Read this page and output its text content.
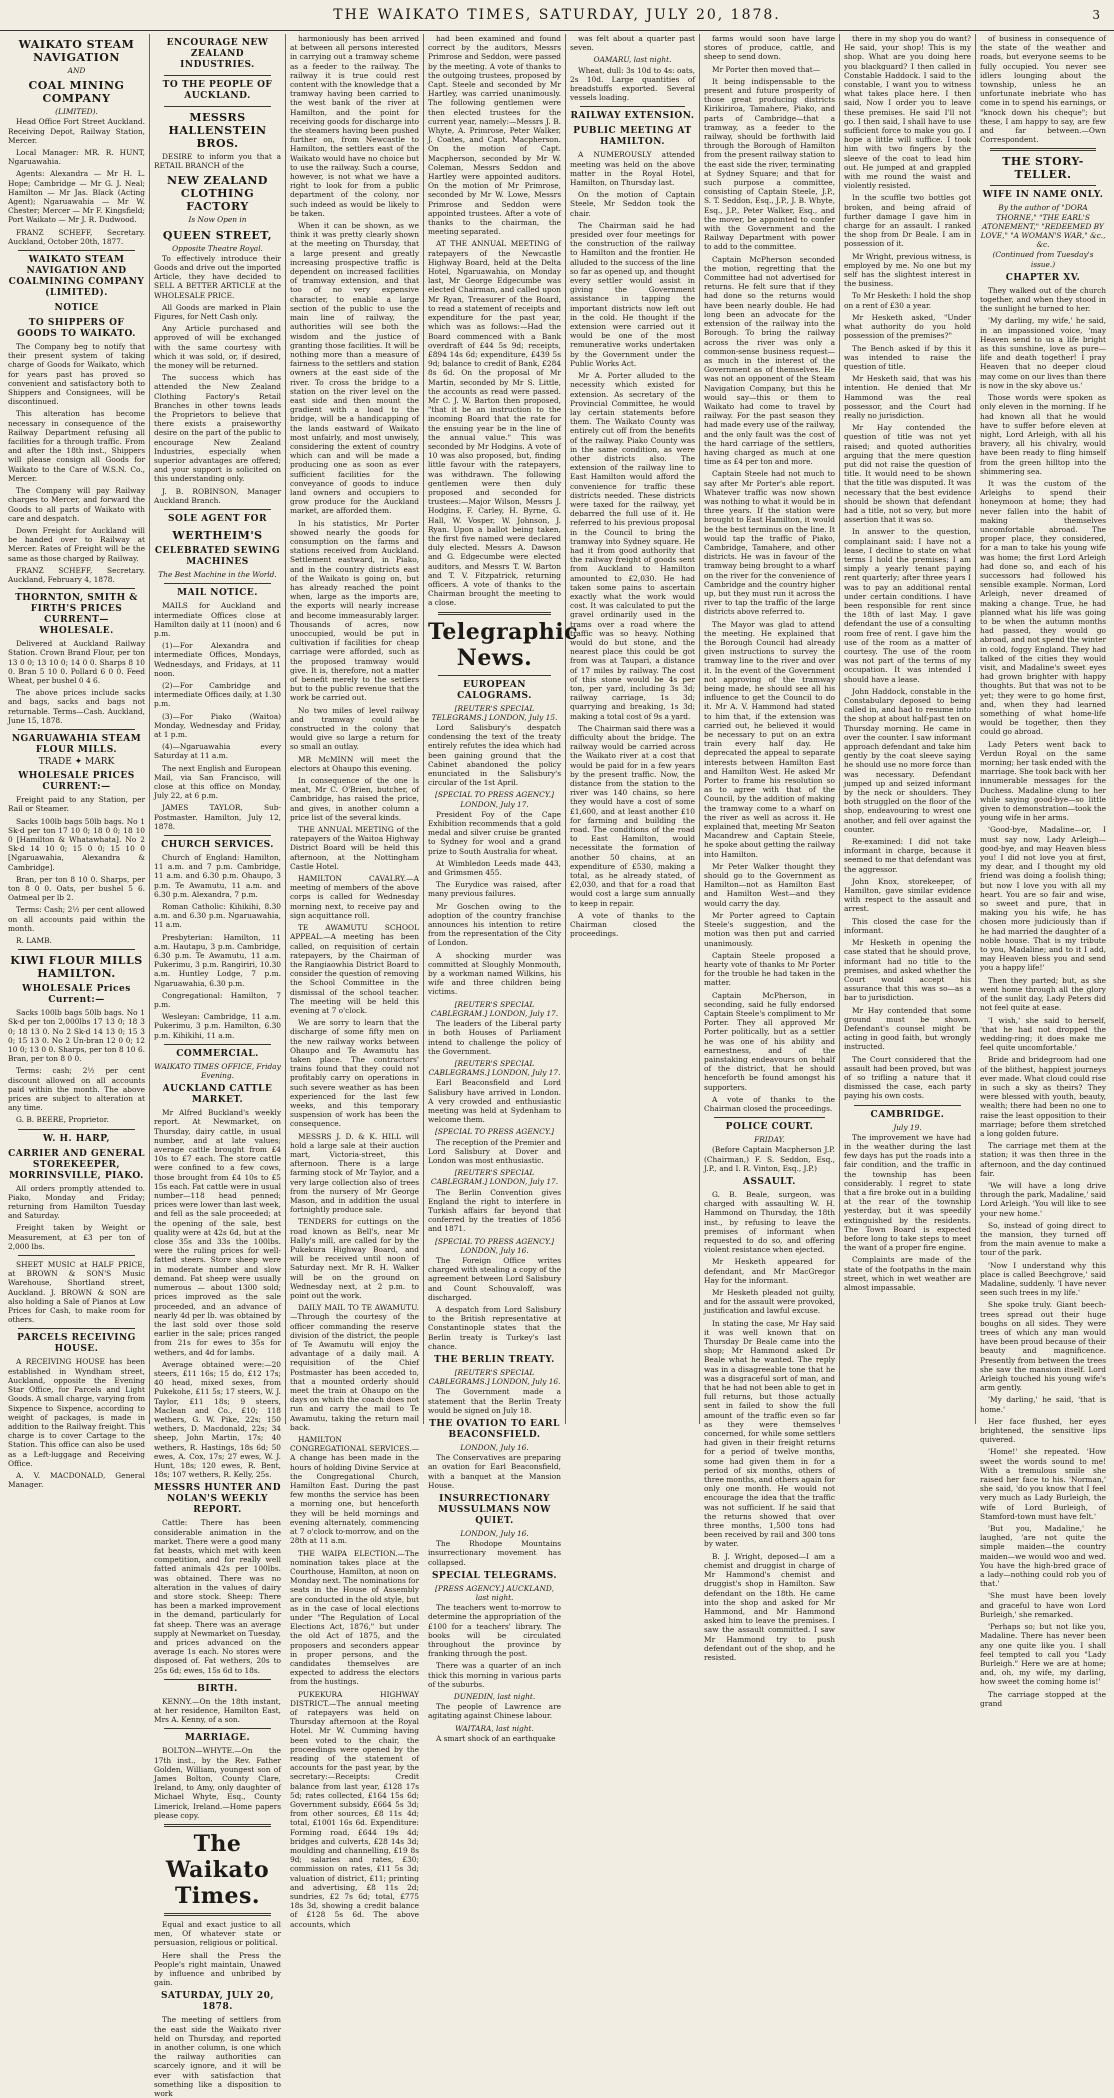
THE WAIKATO TIMES, SATURDAY, JULY 20, 1878.	3
WAIKATO STEAM NAVIGATION
AND
COAL MINING COMPANY
(LIMITED).

Head Office Fort Street Auckland. Receiving Depot, Railway Station, Mercer.

Local Manager: MR. R. HUNT, Ngaruawahia.

Agents: Alexandra — Mr H. L. Hope; Cambridge — Mr G. J. Neal; Hamilton — Mr Jas. Black (Acting Agent); Ngaruawahia — Mr W. Chester; Mercer — Mr F. Kingsfield; Port Waikato — Mr J. R. Dudwood.

FRANZ SCHEFF, Secretary. Auckland, October 20th, 1877.

WAIKATO STEAM NAVIGATION AND COALMINING COMPANY (LIMITED).
NOTICE
TO SHIPPERS OF GOODS TO WAIKATO.

The Company beg to notify that their present system of taking charge of Goods for Waikato, which for years past has proved so convenient and satisfactory both to Shippers and Consignees, will be discontinued.

This alteration has become necessary in consequence of the Railway Department refusing all facilities for a through traffic. From and after the 18th inst., Shippers will please consign all Goods for Waikato to the Care of W.S.N. Co., Mercer.

The Company will pay Railway charges to Mercer, and forward the Goods to all parts of Waikato with care and despatch.

Down Freight for Auckland will be handed over to Railway at Mercer. Rates of Freight will be the same as those charged by Railway.

FRANZ SCHEFF, Secretary. Auckland, February 4, 1878.

THORNTON, SMITH & FIRTH'S PRICES CURRENT—WHOLESALE.

Delivered at Auckland Railway Station. Crown Brand Flour, per ton 13 0 0; 13 10 0; 14 0 0. Sharps 8 10 0. Bran 5 10 0. Pollard 6 0 0. Feed Wheat, per bushel 0 4 6.

The above prices include sacks and bags, sacks and bags not returnable. Terms—Cash. Auckland, June 15, 1878.

NGARUAWAHIA STEAM FLOUR MILLS.
TRADE ✦ MARK
WHOLESALE PRICES CURRENT:—

Freight paid to any Station, per Rail or Steamer.

Sacks 100lb bags 50lb bags. No 1 Sk-d per ton 17 10 0; 18 0 0; 18 10 0 [Hamilton & Whatawhata]. No 2 Sk-d 14 10 0; 15 0 0; 15 10 0 [Ngaruawahia, Alexandra & Cambridge].

Bran, per ton 8 10 0. Sharps, per ton 8 0 0. Oats, per bushel 5 6. Oatmeal per lb 2.

Terms: Cash; 2½ per cent allowed on all accounts paid within the month.

R. LAMB.

KIWI FLOUR MILLS HAMILTON.
WHOLESALE Prices Current:—

Sacks 100lb bags 50lb bags. No 1 Sk-d per ton 2,000lbs 17 13 0; 18 3 0; 18 13 0. No 2 Sk-d 14 13 0; 15 3 0; 15 13 0. No 2 Un-bran 12 0 0; 12 10 0; 13 0 0. Sharps, per ton 8 10 6. Bran, per ton 8 0 0.

Terms: cash; 2½ per cent discount allowed on all accounts paid within the month. The above prices are subject to alteration at any time.

G. B. BEERE, Proprietor.

W. H. HARP,
CARRIER AND GENERAL STOREKEEPER, MORRINSVILLE, PIAKO.

All orders promptly attended to. Piako, Monday and Friday; returning from Hamilton Tuesday and Saturday.

Freight taken by Weight or Measurement, at £3 per ton of 2,000 lbs.

SHEET MUSIC at HALF PRICE, at BROWN & SON'S Music Warehouse, Shortland street, Auckland. J. BROWN & SON are also holding a Sale of Pianos at Low Prices for Cash, to make room for others.

PARCELS RECEIVING HOUSE.

A RECEIVING HOUSE has been established in Wyndham street, Auckland, opposite the Evening Star Office, for Parcels and Light Goods. A small charge, varying from Sixpence to Sixpence, according to weight of packages, is made in addition to the Railway freight. This charge is to cover Cartage to the Station. This office can also be used as a Left-luggage and Receiving Office.

A. V. MACDONALD, General Manager.

ENCOURAGE NEW ZEALAND INDUSTRIES.
TO THE PEOPLE OF AUCKLAND.
MESSRS HALLENSTEIN BROS.

DESIRE to inform you that a RETAIL BRANCH of the

NEW ZEALAND CLOTHING FACTORY
Is Now Open in
QUEEN STREET,
Opposite Theatre Royal.

To effectively introduce their Goods and drive out the imported Article, they have decided to SELL A BETTER ARTICLE at the WHOLESALE PRICE.

All Goods are marked in Plain Figures, for Nett Cash only.

Any Article purchased and approved of will be exchanged with the same courtesy with which it was sold, or, if desired, the money will be returned.

The success which has attended the New Zealand Clothing Factory's Retail Branches in other towns leads the Proprietors to believe that there exists a praiseworthy desire on the part of the public to encourage New Zealand Industries, especially when superior advantages are offered; and your support is solicited on this understanding only.

J. B. ROBINSON, Manager Auckland Branch.

SOLE AGENT FOR
WERTHEIM'S
CELEBRATED SEWING MACHINES
The Best Machine in the World.
MAIL NOTICE.

MAILS for Auckland and intermediate Offices close at Hamilton daily at 11 (noon) and 6 p.m.

(1)—For Alexandra and intermediate Offices, Mondays, Wednesdays, and Fridays, at 11 noon.

(2)—For Cambridge and intermediate Offices daily, at 1.30 p.m.

(3)—For Piako (Waitoa) Monday, Wednesday and Friday, at 1 p.m.

(4)—Ngaruawahia every Saturday at 11 a.m.

The next English and European Mail, via San Francisco, will close at this office on Monday, July 22, at 6 p.m.

JAMES TAYLOR, Sub-Postmaster. Hamilton, July 12, 1878.

CHURCH SERVICES.

Church of England: Hamilton, 11 a.m. and 7 p.m. Cambridge, 11 a.m. and 6.30 p.m. Ohaupo, 3 p.m. Te Awamutu, 11 a.m. and 6.30 p.m. Alexandra, 7 p.m.

Roman Catholic: Kihikihi, 8.30 a.m. and 6.30 p.m. Ngaruawahia, 11 a.m.

Presbyterian: Hamilton, 11 a.m. Hautapu, 3 p.m. Cambridge, 6.30 p.m. Te Awamutu, 11 a.m. Pukerimu, 3 p.m. Rangiriri, 10.30 a.m. Huntley Lodge, 7 p.m. Ngaruawahia, 6.30 p.m.

Congregational: Hamilton, 7 p.m.

Wesleyan: Cambridge, 11 a.m. Pukerimu, 3 p.m. Hamilton, 6.30 p.m. Kihikihi, 11 a.m.

COMMERCIAL.
WAIKATO TIMES OFFICE, Friday Evening.
AUCKLAND CATTLE MARKET.

Mr Alfred Buckland's weekly report. At Newmarket, on Thursday, dairy cattle, in usual number, and at late values; average cattle brought from £4 10s to £7 each. The store cattle were confined to a few cows, those brought from £4 10s to £5 15s each. Fat cattle were in usual number—118 head penned; prices were lower than last week, and fell as the sale proceeded; at the opening of the sale, best quality were at 42s 6d, but at the close 35s and 33s the 100lbs. were the ruling prices for well-fatted steers. Store sheep were in moderate number and slow demand. Fat sheep were usually numerous — about 1300 sold; prices improved as the sale proceeded, and an advance of nearly 4d per lb. was obtained by the last sold over those sold earlier in the sale; prices ranged from 21s for ewes to 35s for wethers, and 4d for lambs.

Average obtained were:—20 steers, £11 16s; 15 do, £12 17s; 40 head, mixed sexes, from Pukekohe, £11 5s; 17 steers, W. J. Taylor, £11 18s; 9 steers, Maclean and Co., £10; 118 wethers, G. W. Pike, 22s; 150 wethers, D. Macdonald, 22s; 34 sheep, John Martin, 17s; 40 wethers, R. Hastings, 18s 6d; 50 ewes, A. Cox, 17s; 27 ewes, W. J. Hunt, 18s; 120 ewes, R. Bent, 18s; 107 wethers, R. Kelly, 25s.

MESSRS HUNTER AND NOLAN'S WEEKLY REPORT.

Cattle: There has been considerable animation in the market. There were a good many fat beasts, which met with keen competition, and for really well fatted animals 42s per 100lbs. was obtained. There was no alteration in the values of dairy and store stock. Sheep: There has been a marked improvement in the demand, particularly for fat sheep. There was an average supply at Newmarket on Tuesday, and prices advanced on the average 1s each. No stores were disposed of. Fat wethers, 20s to 25s 6d; ewes, 15s 6d to 18s.

BIRTH.

KENNY.—On the 18th instant, at her residence, Hamilton East, Mrs A. Kenny, of a son.

MARRIAGE.

BOLTON—WHYTE.—On the 17th inst., by the Rev. Father Golden, William, youngest son of James Bolton, County Clare, Ireland, to Amy, only daughter of Michael Whyte, Esq., County Limerick, Ireland.—Home papers please copy.

The Waikato Times.

Equal and exact justice to all men, Of whatever state or persuasion, religious or political.

Here shall the Press the People's right maintain, Unawed by influence and unbribed by gain.

SATURDAY, JULY 20, 1878.

The meeting of settlers from the east side the Waikato river held on Thursday, and reported in another column, is one which the railway authorities can scarcely ignore, and it will be ever with satisfaction that something like a disposition to work

harmoniously has been arrived at between all persons interested in carrying out a tramway scheme as a feeder to the railway. The railway it is true could rest content with the knowledge that a tramway having been carried to the west bank of the river at Hamilton, and the point for receiving goods for discharge into the steamers having been pushed further on, from Newcastle to Hamilton, the settlers east of the Waikato would have no choice but to use the railway. Such a course, however, is not what we have a right to look for from a public department of the colony, nor such indeed as would be likely to be taken.

When it can be shown, as we think it was pretty clearly shown at the meeting on Thursday, that a large present and greatly increasing prospective traffic is dependent on increased facilities of tramway extension, and that too of no very expensive character, to enable a large section of the public to use the main line of railway, the authorities will see both the wisdom and the justice of granting those facilities. It will be nothing more than a measure of fairness to the settlers and station owners at the east side of the river. To cross the bridge to a station on the river level on the east side and then mount the gradient with a load to the bridge, will be a handicapping of the lands eastward of Waikato most unfairly, and most unwisely, considering the extent of country which can and will be made a producing one as soon as ever sufficient facilities for the conveyance of goods to induce land owners and occupiers to grow produce for the Auckland market, are afforded them.

In his statistics, Mr Porter showed nearly the goods for consumption on the farms and stations received from Auckland. Settlement eastward, in Piako, and in the country districts east of the Waikato is going on, but has already reached the point when, large as the imports are, the exports will nearly increase and become immeasurably larger. Thousands of acres, now unoccupied, would be put in cultivation if facilities for cheap carriage were afforded, such as the proposed tramway would give. It is, therefore, not a matter of benefit merely to the settlers but to the public revenue that the work be carried out.

No two miles of level railway and tramway could be constructed in the colony that would give so large a return for so small an outlay.

MR McMINN will meet the electors at Ohaupo this evening.

In consequence of the one ls meat, Mr C. O'Brien, butcher, of Cambridge, has raised the price, and gives, in another column a price list of the several kinds.

THE ANNUAL MEETING of the ratepayers of the Waitoa Highway District Board will be held this afternoon, at the Nottingham Castle Hotel.

HAMILTON CAVALRY.—A meeting of members of the above corps is called for Wednesday morning next, to receive pay and sign acquittance roll.

TE AWAMUTU SCHOOL APPEAL.—A meeting has been called, on requisition of certain ratepayers, by the Chairman of the Rangiaowhia District Board to consider the question of removing the School Committee in the dismissal of the school teacher. The meeting will be held this evening at 7 o'clock.

We are sorry to learn that the discharge of some fifty men on the new railway works between Ohaupo and Te Awamutu has taken place. The contractors' trains found that they could not profitably carry on operations in such severe weather as has been experienced for the last few weeks, and this temporary suspension of work has been the consequence.

MESSRS J. D. & K. HILL will hold a large sale at their auction mart, Victoria-street, this afternoon. There is a large farming stock of Mr Taylor, and a very large collection also of trees from the nursery of Mr George Mason, and in addition the usual fortnightly produce sale.

TENDERS for cuttings on the road known as Bell's, near Mr Hally's mill, are called for by the Pukekura Highway Board, and will be received until noon of Saturday next. Mr R. H. Walker will be on the ground on Wednesday next, at 2 p.m. to point out the work.

DAILY MAIL TO TE AWAMUTU.—Through the courtesy of the officer commanding the reserve division of the district, the people of Te Awamutu will enjoy the advantage of a daily mail. A requisition of the Chief Postmaster has been acceded to, that a mounted orderly should meet the train at Ohaupo on the days on which the coach does not run and carry the mail to Te Awamutu, taking the return mail back.

HAMILTON CONGREGATIONAL SERVICES.—A change has been made in the hours of holding Divine Service at the Congregational Church, Hamilton East. During the past few months the service has been a morning one, but henceforth they will be held mornings and evening alternately, commencing at 7 o'clock to-morrow, and on the 28th at 11 a.m.

THE WAIPA ELECTION.—The nomination takes place at the Courthouse, Hamilton, at noon on Monday next. The nominations for seats in the House of Assembly are conducted in the old style, but as in the case of local elections under "The Regulation of Local Elections Act, 1876," but under the old Act of 1875, and the proposers and seconders appear in proper persons, and the candidates themselves are expected to address the electors from the hustings.

PUKEKURA HIGHWAY DISTRICT.—The annual meeting of ratepayers was held on Thursday afternoon at the Royal Hotel. Mr W. Cumming having been voted to the chair, the proceedings were opened by the reading of the statement of accounts for the past year, by the secretary:—Receipts: Credit balance from last year, £128 17s 5d; rates collected, £164 15s 6d; Government subsidy, £664 5s 3d; from other sources, £8 11s 4d; total, £1001 16s 6d. Expenditure: Forming road, £644 19s 4d; bridges and culverts, £28 14s 3d; moulding and channelling, £19 8s 9d; salaries and rates, £30; commission on rates, £11 5s 3d; valuation of district, £11; printing and advertising, £8 11s 2d; sundries, £2 7s 6d; total, £775 18s 3d, showing a credit balance of £128 5s 6d. The above accounts, which

had been examined and found correct by the auditors, Messrs Primrose and Seddon, were passed by the meeting. A vote of thanks to the outgoing trustees, proposed by Capt. Steele and seconded by Mr Hartley, was carried unanimously. The following gentlemen were then elected trustees for the current year, namely:—Messrs J. B. Whyte, A. Primrose, Peter Walker, J. Coates, and Capt. Macpherson. On the motion of Capt. Macpherson, seconded by Mr W. Coleman, Messrs Seddon and Hartley were appointed auditors. On the motion of Mr Primrose, seconded by Mr W. Lowe, Messrs Primrose and Seddon were appointed trustees. After a vote of thanks to the chairman, the meeting separated.

AT THE ANNUAL MEETING of ratepayers of the Newcastle Highway Board, held at the Delta Hotel, Ngaruawahia, on Monday last, Mr George Edgecumbe was elected Chairman, and called upon Mr Ryan, Treasurer of the Board, to read a statement of receipts and expenditure for the past year, which was as follows:—Had the Board commenced with a Bank overdraft of £44 5s 9d; receipts, £894 14s 6d; expenditure, £439 5s 9d; balance to credit of Bank, £284 8s 6d. On the proposal of Mr Martin, seconded by Mr S. Little, the accounts as read were passed. Mr C. J. W. Barton then proposed, "that it be an instruction to the incoming Board that the rate for the ensuing year be in the line of the annual value." This was seconded by Mr Hodgins. A vote of 10 was also proposed, but, finding little favour with the ratepayers, was withdrawn. The following gentlemen were then duly proposed and seconded for trustees:—Major Wilson, Messrs J. Hodgins, F. Carley, H. Byrne, G. Hall, W. Vosper, W. Johnson, J. Ryan. Upon a ballot being taken, the first five named were declared duly elected. Messrs A. Dawson and G. Edgecumbe were elected auditors, and Messrs T. W. Barton and T. V. Fitzpatrick, returning officers. A vote of thanks to the Chairman brought the meeting to a close.

Telegraphic News.
EUROPEAN CALOGRAMS.
[REUTER'S SPECIAL TELEGRAMS.] LONDON, July 15.

Lord Salisbury's despatch condensing the text of the treaty entirely refutes the idea which had been gaining ground that the Cabinet abandoned the policy enunciated in the Salisbury's circular of the 1st April.

[SPECIAL TO PRESS AGENCY.] LONDON, July 17.

President Foy of the Cape Exhibition recommends that a gold medal and silver cruise be granted to Sydney for wool and a grand prize to South Australia for wheat.

At Wimbledon Leeds made 443, and Grimsmen 455.

The Eurydice was raised, after many previous failures.

Mr Goschen owing to the adoption of the country franchise announces his intention to retire from the representation of the City of London.

A shocking murder was committed at Sloughly Monmouth, by a workman named Wilkins, his wife and three children being victims.

[REUTER'S SPECIAL CABLEGRAM.] LONDON, July 17.

The leaders of the Liberal party in both Houses of Parliament intend to challenge the policy of the Government.

[REUTER'S SPECIAL CABLEGRAMS.] LONDON, July 17.

Earl Beaconsfield and Lord Salisbury have arrived in London. A very crowded and enthusiastic meeting was held at Sydenham to welcome them.

[SPECIAL TO PRESS AGENCY.]

The reception of the Premier and Lord Salisbury at Dover and London was most enthusiastic.

[REUTER'S SPECIAL CABLEGRAM.] LONDON, July 17.

The Berlin Convention gives England the right to interfere in Turkish affairs far beyond that conferred by the treaties of 1856 and 1871.

[SPECIAL TO PRESS AGENCY.] LONDON, July 16.

The Foreign Office writes charged with stealing a copy of the agreement between Lord Salisbury and Count Schouvaloff, was discharged.

A despatch from Lord Salisbury to the British representative at Constantinople states that the Berlin treaty is Turkey's last chance.

THE BERLIN TREATY.
[REUTER'S SPECIAL CABLEGRAMS.] LONDON, July 16.

The Government made a statement that the Berlin Treaty would be signed on July 18.

THE OVATION TO EARL BEACONSFIELD.
LONDON, July 16.

The Conservatives are preparing an ovation for Earl Beaconsfield, with a banquet at the Mansion House.

INSURRECTIONARY MUSSULMANS NOW QUIET.
LONDON, July 16.

The Rhodope Mountains insurrectionary movement has collapsed.

SPECIAL TELEGRAMS.
[PRESS AGENCY.] AUCKLAND, last night.

The teachers went to-morrow to determine the appropriation of the £100 for a teachers' library. The books will be circulated throughout the province by franking through the post.

There was a quarter of an inch thick this morning in various parts of the suburbs.

DUNEDIN, last night.

The people of Lawrence are agitating against Chinese labour.

WAITARA, last night.

A smart shock of an earthquake

was felt about a quarter past seven.

OAMARU, last night.

Wheat, dull: 3s 10d to 4s: oats, 2s 10d. Large quantities of breadstuffs exported. Several vessels loading.

RAILWAY EXTENSION.
PUBLIC MEETING AT HAMILTON.

A NUMEROUSLY attended meeting was held on the above matter in the Royal Hotel, Hamilton, on Thursday last.

On the motion of Captain Steele, Mr Seddon took the chair.

The Chairman said he had presided over four meetings for the construction of the railway to Hamilton and the frontier. He alluded to the success of the line so far as opened up, and thought every settler would assist in giving the Government assistance in tapping the important districts now left out in the cold. He thought if the extension were carried out it would be one of the most remunerative works undertaken by the Government under the Public Works Act.

Mr A. Porter alluded to the necessity which existed for extension. As secretary of the Provincial Committee, he would lay certain statements before them. The Waikato County was entirely cut off from the benefits of the railway. Piako County was in the same condition, as were other districts also. The extension of the railway line to East Hamilton would afford the convenience for traffic these districts needed. These districts were taxed for the railway, yet debarred the full use of it. He referred to his previous proposal in the Council to bring the tramway into Sydney square. He had it from good authority that the railway freight of goods sent from Auckland to Hamilton amounted to £2,030. He had taken some pains to ascertain exactly what the work would cost. It was calculated to put the gravel ordinarily used in the trams over a road where the traffic was so heavy. Nothing would do but stone, and the nearest place this could be got from was at Taupari, a distance of 17 miles by railway. The cost of this stone would be 4s per ton, per yard, including 3s 3d; railway carriage, 1s 3d; quarrying and breaking, 1s 3d; making a total cost of 9s a yard.

The Chairman said there was a difficulty about the bridge. The railway would be carried across the Waikato river at a cost that would be paid for in a few years by the present traffic. Now, the distance from the station to the river was 140 chains, so here they would have a cost of some £1,600, and at least another £10 for farming and building the road. The conditions of the road to East Hamilton, would necessitate the formation of another 50 chains, at an expenditure of £530, making a total, as he already stated, of £2,030, and that for a road that would cost a large sum annually to keep in repair.

A vote of thanks to the Chairman closed the proceedings.

farms would soon have large stores of produce, cattle, and sheep to send down.

Mr Porter then moved that—

It being indispensable to the present and future prosperity of those great producing districts Kirikiriroa, Tamahere, Piako, and parts of Cambridge—that a tramway, as a feeder to the railway, should be forthwith laid through the Borough of Hamilton from the present railway station to the east side the river, terminating at Sydney Square; and that for such purpose a committee, consisting of Captain Steele, J.P., S. T. Seddon, Esq., J.P., J. B. Whyte, Esq., J.P., Peter Walker, Esq., and the mover, be appointed to confer with the Government and the Railway Department with power to add to the committee.

Captain McPherson seconded the motion, regretting that the Committee had not advertised for returns. He felt sure that if they had done so the returns would have been nearly double. He had long been an advocate for the extension of the railway into the Borough. To bring the railway across the river was only a common-sense business request—as much in the interest of the Government as of themselves. He was not an opponent of the Steam Navigation Company, but this he would say—this or them to Waikato had come to travel by railway. For the past season they had made every use of the railway, and the only fault was the cost of the hard carriage of the settlers, having charged as much at one time as £4 per ton and more.

Captain Steele had not much to say after Mr Porter's able report. Whatever traffic was now shown was nothing to what it would be in three years. If the station were brought to East Hamilton, it would be the best terminus on the line. It would tap the traffic of Piako, Cambridge, Tamahere, and other districts. He was in favour of the tramway being brought to a wharf on the river for the convenience of Cambridge and the country higher up, but they must run it across the river to tap the traffic of the large districts above referred to.

The Mayor was glad to attend the meeting. He explained that the Borough Council had already given instructions to survey the tramway line to the river and over it. In the event of the Government not approving of the tramway being made, he should see all his influence to get the Council to do it. Mr A. V. Hammond had stated to him that, if the extension was carried out, he believed it would be necessary to put on an extra train every half day. He deprecated the appeal to separate interests between Hamilton East and Hamilton West. He asked Mr Porter to frame his resolution so as to agree with that of the Council, by the addition of making the tramway come to a wharf on the river as well as across it. He explained that, meeting Mr Seaton Macandrew and Captain Steele, he spoke about getting the railway into Hamilton.

Mr Peter Walker thought they should go to the Government as Hamilton—not as Hamilton East and Hamilton West—and they would carry the day.

Mr Porter agreed to Captain Steele's suggestion, and the motion was then put and carried unanimously.

Captain Steele proposed a hearty vote of thanks to Mr Porter for the trouble he had taken in the matter.

Captain McPherson, in seconding, said he fully endorsed Captain Steele's compliment to Mr Porter. They all approved Mr Porter politically, but as a settler he was one of his ability and earnestness, and of the painstaking endeavours on behalf of the district, that he should henceforth be found amongst his supporters.

A vote of thanks to the Chairman closed the proceedings.

POLICE COURT.
FRIDAY.

(Before Captain Macpherson J.P. (Chairman,) F. S. Seddon, Esq., J.P., and I. R. Vinton, Esq., J.P.)

ASSAULT.

G. B. Beale, surgeon, was charged with assaulting W. H. Hammond on Thursday, the 18th inst., by refusing to leave the premises of informant when requested to do so, and offering violent resistance when ejected.

Mr Hesketh appeared for defendant, and Mr MacGregor Hay for the informant.

Mr Hesketh pleaded not guilty, and for the assault were provoked, justification and lawful excuse.

In stating the case, Mr Hay said it was well known that on Thursday Dr Beale came into the shop; Mr Hammond asked Dr Beale what he wanted. The reply was in a disagreeable tone that he was a disgraceful sort of man, and that he had not been able to get in full returns, but those actually sent in failed to show the full amount of the traffic even so far as they were themselves concerned, for while some settlers had given in their freight returns for a period of twelve months, some had given them in for a period of six months, others of three months, and others again for only one month. He would not encourage the idea that the traffic was not sufficient. If he said that the returns showed that over three months, 1,500 tons had been received by rail and 300 tons by water.

B. J. Wright, deposed—I am a chemist and druggist in charge of Mr Hammond's chemist and druggist's shop in Hamilton. Saw defendant on the 18th. He came into the shop and asked for Mr Hammond, and Mr Hammond asked him to leave the premises. I saw the assault committed. I saw Mr Hammond try to push defendant out of the shop, and he resisted.

there in my shop you do want? He said, your shop! This is my shop. What are you doing here you blackguard? I then called in Constable Haddock. I said to the constable, I want you to witness what takes place here. I then said, Now I order you to leave these premises. He said I'll not go. I then said, I shall have to use sufficient force to make you go. I hope a little will suffice. I took him with two fingers by the sleeve of the coat to lead him out. He jumped at and grappled with me round the waist and violently resisted.

In the scuffle two bottles got broken, and being afraid of further damage I gave him in charge for an assault. I ranked the shop from Dr Beale. I am in possession of it.

Mr Wright, previous witness, is employed by me. No one but my self has the slightest interest in the business.

To Mr Hesketh: I hold the shop on a rent of £30 a year.

Mr Hesketh asked, "Under what authority do you hold possession of the premises?"

The Bench asked if by this it was intended to raise the question of title.

Mr Hesketh said, that was his intention. He denied that Mr Hammond was the real possessor, and the Court had really no jurisdiction.

Mr Hay contended the question of title was not yet raised; and quoted authorities arguing that the mere question put did not raise the question of title. It would need to be shown that the title was disputed. It was necessary that the best evidence should be shown that defendant had a title, not so very, but more assertion that it was so.

In answer to the question, complainant said: I have not a lease, I decline to state on what terms I hold the premises; I am simply a yearly tenant paying rent quarterly; after three years I was to pay an additional rental under certain conditions. I have been responsible for rent since the 18th of last May. I gave defendant the use of a consulting room free of rent. I gave him the use of the room as a matter of courtesy. The use of the room was not part of the terms of my occupation. It was intended I should have a lease.

John Haddock, constable in the Constabulary deposed to being called in, and had to resume into the shop at about half-past ten on Thursday morning. He came in over the counter. I saw informant approach defendant and take him gently by the coat sleeve saying he should use no more force than was necessary. Defendant jumped up and seized informant by the neck or shoulders. They both struggled on the floor of the shop, endeavouring to wrest one another, and fell over against the counter.

Re-examined: I did not take informant in charge, because it seemed to me that defendant was the aggressor.

John Knox, storekeeper, of Hamilton, gave similar evidence with respect to the assault and arrest.

This closed the case for the informant.

Mr Hesketh in opening the case stated that he should prove, informant had no title to the premises, and asked whether the Court would accept his assurance that this was so—as a bar to jurisdiction.

Mr Hay contended that some ground must be shown. Defendant's counsel might be acting in good faith, but wrongly instructed.

The Court considered that the assault had been proved, but was of so trifling a nature that it dismissed the case, each party paying his own costs.

CAMBRIDGE.
July 19.

The improvement we have had in the weather during the last few days has put the roads into a fair condition, and the traffic in the township has been considerably. I regret to state that a fire broke out in a building at the rear of the township yesterday, but it was speedily extinguished by the residents. The Town Board is expected before long to take steps to meet the want of a proper fire engine.

Complaints are made of the state of the footpaths in the main street, which in wet weather are almost impassable.

of business in consequence of the state of the weather and roads, but everyone seems to be fully occupied. You never see idlers lounging about the township, unless he an unfortunate inebriate who has come in to spend his earnings, or "knock down his cheque"; but these, I am happy to say, are few and far between.—Own Correspondent.

THE STORY-TELLER.
WIFE IN NAME ONLY.
By the author of "DORA THORNE," "THE EARL'S ATONEMENT," "REDEEMED BY LOVE," "A WOMAN'S WAR," &c., &c.
(Continued from Tuesday's issue.)
CHAPTER XV.

They walked out of the church together, and when they stood in the sunlight he turned to her.

'My darling, my wife,' he said, in an impassioned voice, 'may Heaven send to us a life bright as this sunshine, love as pure—life and death together! I pray Heaven that no deeper cloud may come on our lives than there is now in the sky above us.'

Those words were spoken as only eleven in the morning. If he had known all that he would have to suffer before eleven at night, Lord Arleigh, with all his bravery, all his chivalry, would have been ready to fling himself from the green hilltop into the shimmering sea.

It was the custom of the Arleighs to spend their honeymoon at home; they had never fallen into the habit of making themselves uncomfortable abroad. The proper place, they considered, for a man to take his young wife was home; the first Lord Arleigh had done so, and each of his successors had followed his sensible example. Norman, Lord Arleigh, never dreamed of making a change. True, he had planned what his life was going to be when the autumn months had passed, they would go abroad, and not spend the winter in cold, foggy England. They had talked of the cities they would visit, and Madaline's sweet eyes had grown brighter with happy thoughts. But that was not to be yet; they were to go home first, and, when they had learned something of what home-life would be together, then they could go abroad.

Lady Peters went back to Verdun Royal on the same morning; her task ended with the marriage. She took back with her innumerable messages for the Duchess. Madaline clung to her while saying good-bye—so little given to demonstration—took the young wife in her arms.

'Good-bye, Madaline—or, I must say now, Lady Arleigh—good-bye, and may Heaven bless you! I did not love you at first, my dear, and I thought my old friend was doing a foolish thing; but now I love you with all my heart. You are so fair and wise, so sweet and pure, that in making you his wife, he has chosen more judiciously than if he had married the daughter of a noble house. That is my tribute to you, Madaline; and to it I add, may Heaven bless you and send you a happy life!'

Then they parted; but, as she went home through all the glory of the sunlit day, Lady Peters did not feel quite at ease.

'I wish,' she said to herself, 'that he had not dropped the wedding-ring; it does make me feel quite uncomfortable.'

Bride and bridegroom had one of the blithest, happiest journeys ever made. What cloud could rise in such a sky as theirs? They were blessed with youth, beauty, wealth; there had been no one to raise the least opposition to their marriage; before them stretched a long golden future.

The carriage met them at the station; it was then three in the afternoon, and the day continued fair.

'We will have a long drive through the park, Madaline,' said Lord Arleigh. 'You will like to see your new home.'

So, instead of going direct to the mansion, they turned off from the main avenue to make a tour of the park.

'Now I understand why this place is called Beechgrove,' said Madaline, suddenly. 'I have never seen such trees in my life.'

She spoke truly. Giant beech-trees spread out their huge boughs on all sides. They were trees of which any man would have been proud because of their beauty and magnificence. Presently from between the trees she saw the mansion itself. Lord Arleigh touched his young wife's arm gently.

'My darling,' he said, 'that is home.'

Her face flushed, her eyes brightened, the sensitive lips quivered.

'Home!' she repeated. 'How sweet the words sound to me! With a tremulous smile she raised her face to his. 'Norman,' she said, 'do you know that I feel very much as Lady Burleigh, the wife of Lord Burleigh, of Stamford-town must have felt.'

'But you, Madaline,' he laughed, 'are not quite the simple maiden—the country maiden—we would woo and wed. You have the high-bred grace of a lady—nothing could rob you of that.'

'She must have been lovely and graceful to have won Lord Burleigh,' she remarked.

'Perhaps so; but not like you, Madaline. There has never been any one quite like you. I shall feel tempted to call you "Lady Burleigh." Here we are at home; and, oh, my wife, my darling, how sweet the coming home is!'

The carriage stopped at the grand
